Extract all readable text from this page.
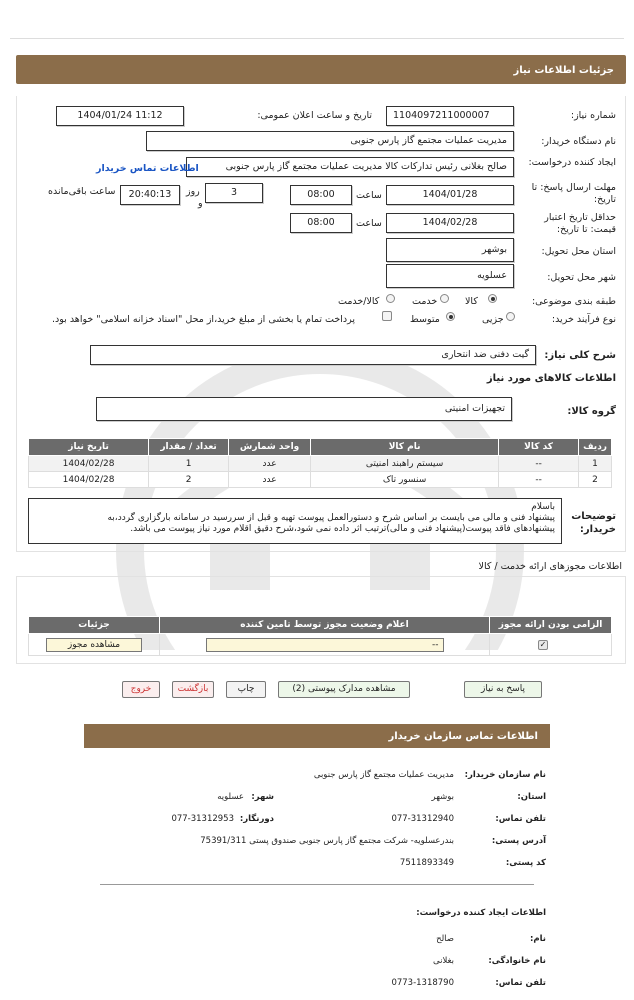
جزئیات اطلاعات نیاز
شماره نیاز:
1104097211000007
تاریخ و ساعت اعلان عمومی:
1404/01/24 11:12
نام دستگاه خریدار:
مدیریت عملیات مجتمع گاز پارس جنوبی
ایجاد کننده درخواست:
صالح بغلانی رئیس تدارکات کالا مدیریت عملیات مجتمع گاز پارس جنوبی
اطلاعات تماس خریدار
مهلت ارسال پاسخ: تا تاریخ:
1404/01/28
ساعت
08:00
3
روز
و
20:40:13
ساعت باقی‌مانده
حداقل تاریخ اعتبار قیمت: تا تاریخ:
1404/02/28
ساعت
08:00
استان محل تحویل:
بوشهر
شهر محل تحویل:
عسلویه
طبقه بندی موضوعی:
کالا
خدمت
کالا/خدمت
نوع فرآیند خرید:
جزیی
متوسط
پرداخت تمام یا بخشی از مبلغ خرید،از محل "اسناد خزانه اسلامی" خواهد بود.
شرح کلی نیاز:
گیت دفنی ضد انتحاری
اطلاعات کالاهای مورد نیاز
گروه کالا:
تجهیزات امنیتی
ردیف	کد کالا	نام کالا	واحد شمارش	تعداد / مقدار	تاریخ نیاز
1	--	سیستم راهبند امنیتی	عدد	1	1404/02/28
2	--	سنسور تاک	عدد	2	1404/02/28
توضیحات خریدار:
باسلام
پیشنهاد فنی و مالی می بایست بر اساس شرح و دستورالعمل پیوست تهیه و قبل از سررسید در سامانه بارگزاری گردد،به
پیشنهادهای فاقد پیوست(پیشنهاد فنی و مالی)ترتیب اثر داده نمی شود،شرح دقیق اقلام مورد نیاز پیوست می باشد.
اطلاعات مجوزهای ارائه خدمت / کالا
الزامی بودن ارائه مجوز	اعلام وضعیت مجوز توسط تامین کننده	جزئیات
✓	--	مشاهده مجوز
پاسخ به نیاز
مشاهده مدارک پیوستی (2)
چاپ
بازگشت
خروج
اطلاعات تماس سازمان خریدار
نام سازمان خریدار:
مدیریت عملیات مجتمع گاز پارس جنوبی
استان:
بوشهر
شهر:
عسلویه
تلفن تماس:
077-31312940
دورنگار:
077-31312953
آدرس پستی:
بندرعسلویه- شرکت مجتمع گاز پارس جنوبی صندوق پستی 75391/311
کد پستی:
7511893349
اطلاعات ایجاد کننده درخواست:
نام:
صالح
نام خانوادگی:
بغلانی
تلفن تماس:
0773-1318790
